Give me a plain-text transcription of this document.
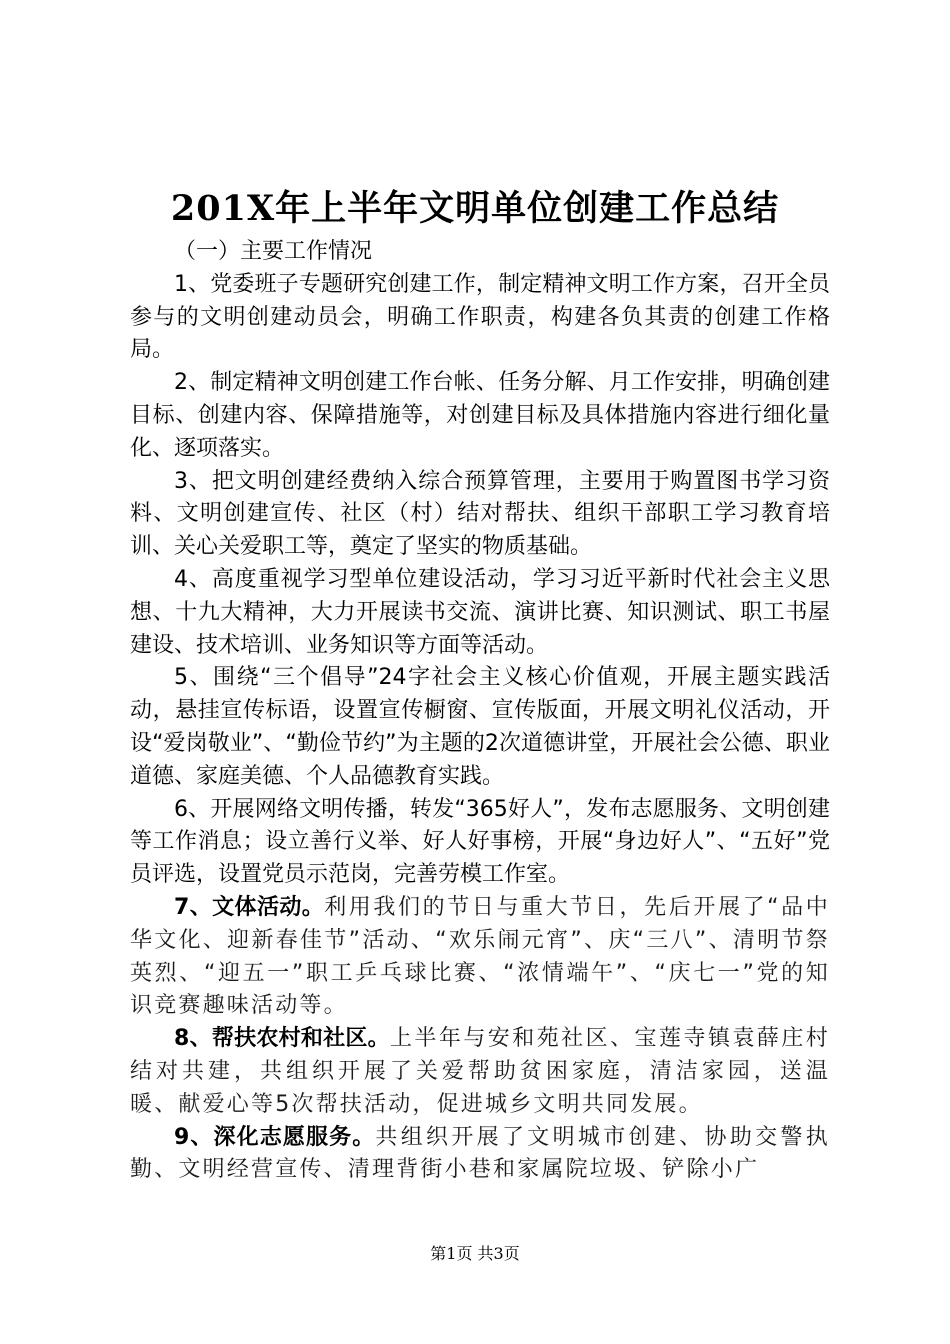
201X年上半年文明单位创建工作总结

（一）主要工作情况

1、党委班子专题研究创建工作，制定精神文明工作方案，召开全员参与的文明创建动员会，明确工作职责，构建各负其责的创建工作格局。

2、制定精神文明创建工作台帐、任务分解、月工作安排，明确创建目标、创建内容、保障措施等，对创建目标及具体措施内容进行细化量化、逐项落实。

3、把文明创建经费纳入综合预算管理，主要用于购置图书学习资料、文明创建宣传、社区（村）结对帮扶、组织干部职工学习教育培训、关心关爱职工等，奠定了坚实的物质基础。

4、高度重视学习型单位建设活动，学习习近平新时代社会主义思想、十九大精神，大力开展读书交流、演讲比赛、知识测试、职工书屋建设、技术培训、业务知识等方面等活动。

5、围绕“三个倡导”24字社会主义核心价值观，开展主题实践活动，悬挂宣传标语，设置宣传橱窗、宣传版面，开展文明礼仪活动，开设“爱岗敬业”、“勤俭节约”为主题的2次道德讲堂，开展社会公德、职业道德、家庭美德、个人品德教育实践。

6、开展网络文明传播，转发“365好人”，发布志愿服务、文明创建等工作消息；设立善行义举、好人好事榜，开展“身边好人”、“五好”党员评选，设置党员示范岗，完善劳模工作室。

7、文体活动。利用我们的节日与重大节日，先后开展了“品中华文化、迎新春佳节”活动、“欢乐闹元宵”、庆“三八”、清明节祭英烈、“迎五一”职工乒乓球比赛、“浓情端午”、“庆七一”党的知识竞赛趣味活动等。

8、帮扶农村和社区。上半年与安和苑社区、宝莲寺镇袁薛庄村结对共建，共组织开展了关爱帮助贫困家庭，清洁家园，送温暖、献爱心等5次帮扶活动，促进城乡文明共同发展。

9、深化志愿服务。共组织开展了文明城市创建、协助交警执勤、文明经营宣传、清理背街小巷和家属院垃圾、铲除小广

第1页 共3页
